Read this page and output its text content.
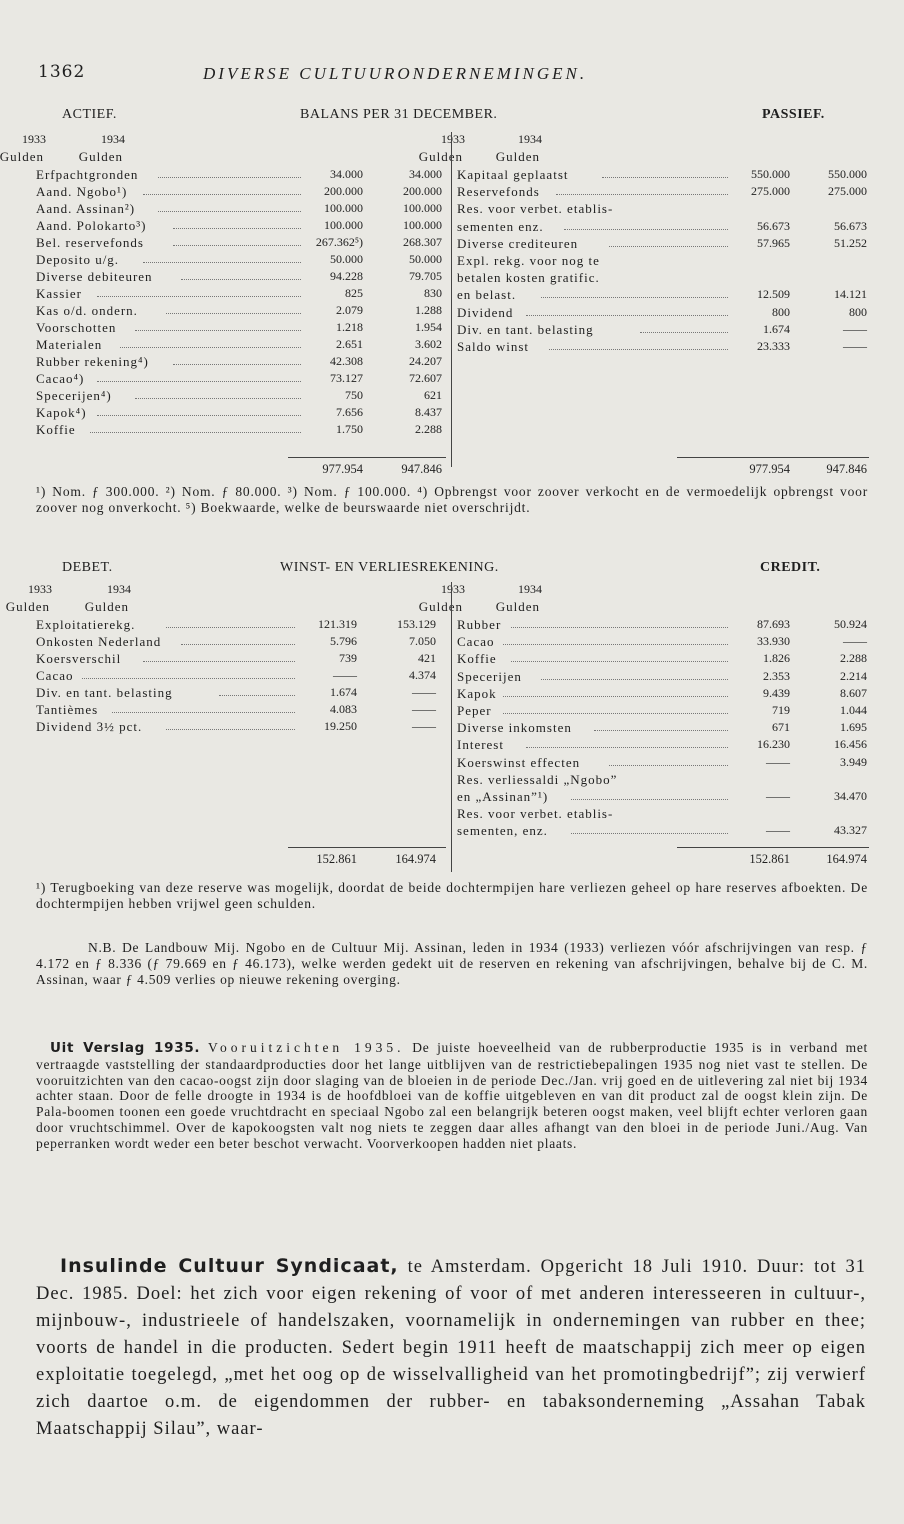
1362	DIVERSE CULTUURONDERNEMINGEN.
ACTIEF.	BALANS PER 31 DECEMBER.	PASSIEF.
1934
1933
Gulden
Gulden
Erfpachtgronden	34.000	34.000
Aand. Ngobo¹)	200.000	200.000
Aand. Assinan²)	100.000	100.000
Aand. Polokarto³)	100.000	100.000
Bel. reservefonds	267.362⁵)	268.307
Deposito u/g.	50.000	50.000
Diverse debiteuren	94.228	79.705
Kassier	825	830
Kas o/d. ondern.	2.079	1.288
Voorschotten	1.218	1.954
Materialen	2.651	3.602
Rubber rekening⁴)	42.308	24.207
Cacao⁴)	73.127	72.607
Specerijen⁴)	750	621
Kapok⁴)	7.656	8.437
Koffie	1.750	2.288
977.954	947.846
1934
1933
Gulden
Gulden
Kapitaal geplaatst	550.000	550.000
Reservefonds	275.000	275.000
Res. voor verbet. etablis-
sementen enz.	56.673	56.673
Diverse crediteuren	57.965	51.252
Expl. rekg. voor nog te
betalen kosten gratific.
en belast.	12.509	14.121
Dividend	800	800
Div. en tant. belasting	1.674	——
Saldo winst	23.333	——
977.954	947.846
¹) Nom. ƒ 300.000. ²) Nom. ƒ 80.000. ³) Nom. ƒ 100.000. ⁴) Opbrengst voor zoover verkocht en de vermoedelijk opbrengst voor zoover nog onverkocht. ⁵) Boekwaarde, welke de beurswaarde niet overschrijdt.
DEBET.	WINST- EN VERLIESREKENING.	CREDIT.
1934
1933
Gulden
Gulden
Exploitatierekg.	121.319	153.129
Onkosten Nederland	5.796	7.050
Koersverschil	739	421
Cacao	——	4.374
Div. en tant. belasting	1.674	——
Tantièmes	4.083	——
Dividend 3½ pct.	19.250	——
152.861	164.974
1934
1933
Gulden
Gulden
Rubber	87.693	50.924
Cacao	33.930	——
Koffie	1.826	2.288
Specerijen	2.353	2.214
Kapok	9.439	8.607
Peper	719	1.044
Diverse inkomsten	671	1.695
Interest	16.230	16.456
Koerswinst effecten	——	3.949
Res. verliessaldi „Ngobo”
en „Assinan”¹)	——	34.470
Res. voor verbet. etablis-
sementen, enz.	——	43.327
152.861	164.974
¹) Terugboeking van deze reserve was mogelijk, doordat de beide dochtermpijen hare verliezen geheel op hare reserves afboekten. De dochtermpijen hebben vrijwel geen schulden.
N.B. De Landbouw Mij. Ngobo en de Cultuur Mij. Assinan, leden in 1934 (1933) verliezen vóór afschrijvingen van resp. ƒ 4.172 en ƒ 8.336 (ƒ 79.669 en ƒ 46.173), welke werden gedekt uit de reserven en rekening van afschrijvingen, behalve bij de C. M. Assinan, waar ƒ 4.509 verlies op nieuwe rekening overging.
Uit Verslag 1935. Vooruitzichten 1935. De juiste hoeveelheid van de rubberproductie 1935 is in verband met vertraagde vaststelling der standaardproducties door het lange uitblijven van de restrictiebepalingen 1935 nog niet vast te stellen. De vooruitzichten van den cacao-oogst zijn door slaging van de bloeien in de periode Dec./Jan. vrij goed en de uitlevering zal niet bij 1934 achter staan. Door de felle droogte in 1934 is de hoofdbloei van de koffie uitgebleven en van dit product zal de oogst klein zijn. De Pala-boomen toonen een goede vruchtdracht en speciaal Ngobo zal een belangrijk beteren oogst maken, veel blijft echter verloren gaan door vruchtschimmel. Over de kapokoogsten valt nog niets te zeggen daar alles afhangt van den bloei in de periode Juni./Aug. Van peperranken wordt weder een beter beschot verwacht. Voorverkoopen hadden niet plaats.
Insulinde Cultuur Syndicaat, te Amsterdam. Opgericht 18 Juli 1910. Duur: tot 31 Dec. 1985. Doel: het zich voor eigen rekening of voor of met anderen interesseeren in cultuur-, mijnbouw-, industrieele of handelszaken, voornamelijk in ondernemingen van rubber en thee; voorts de handel in die producten. Sedert begin 1911 heeft de maatschappij zich meer op eigen exploitatie toegelegd, „met het oog op de wisselvalligheid van het promotingbedrijf”; zij verwierf zich daartoe o.m. de eigendommen der rubber- en tabaksonderneming „Assahan Tabak Maatschappij Silau”, waar-
